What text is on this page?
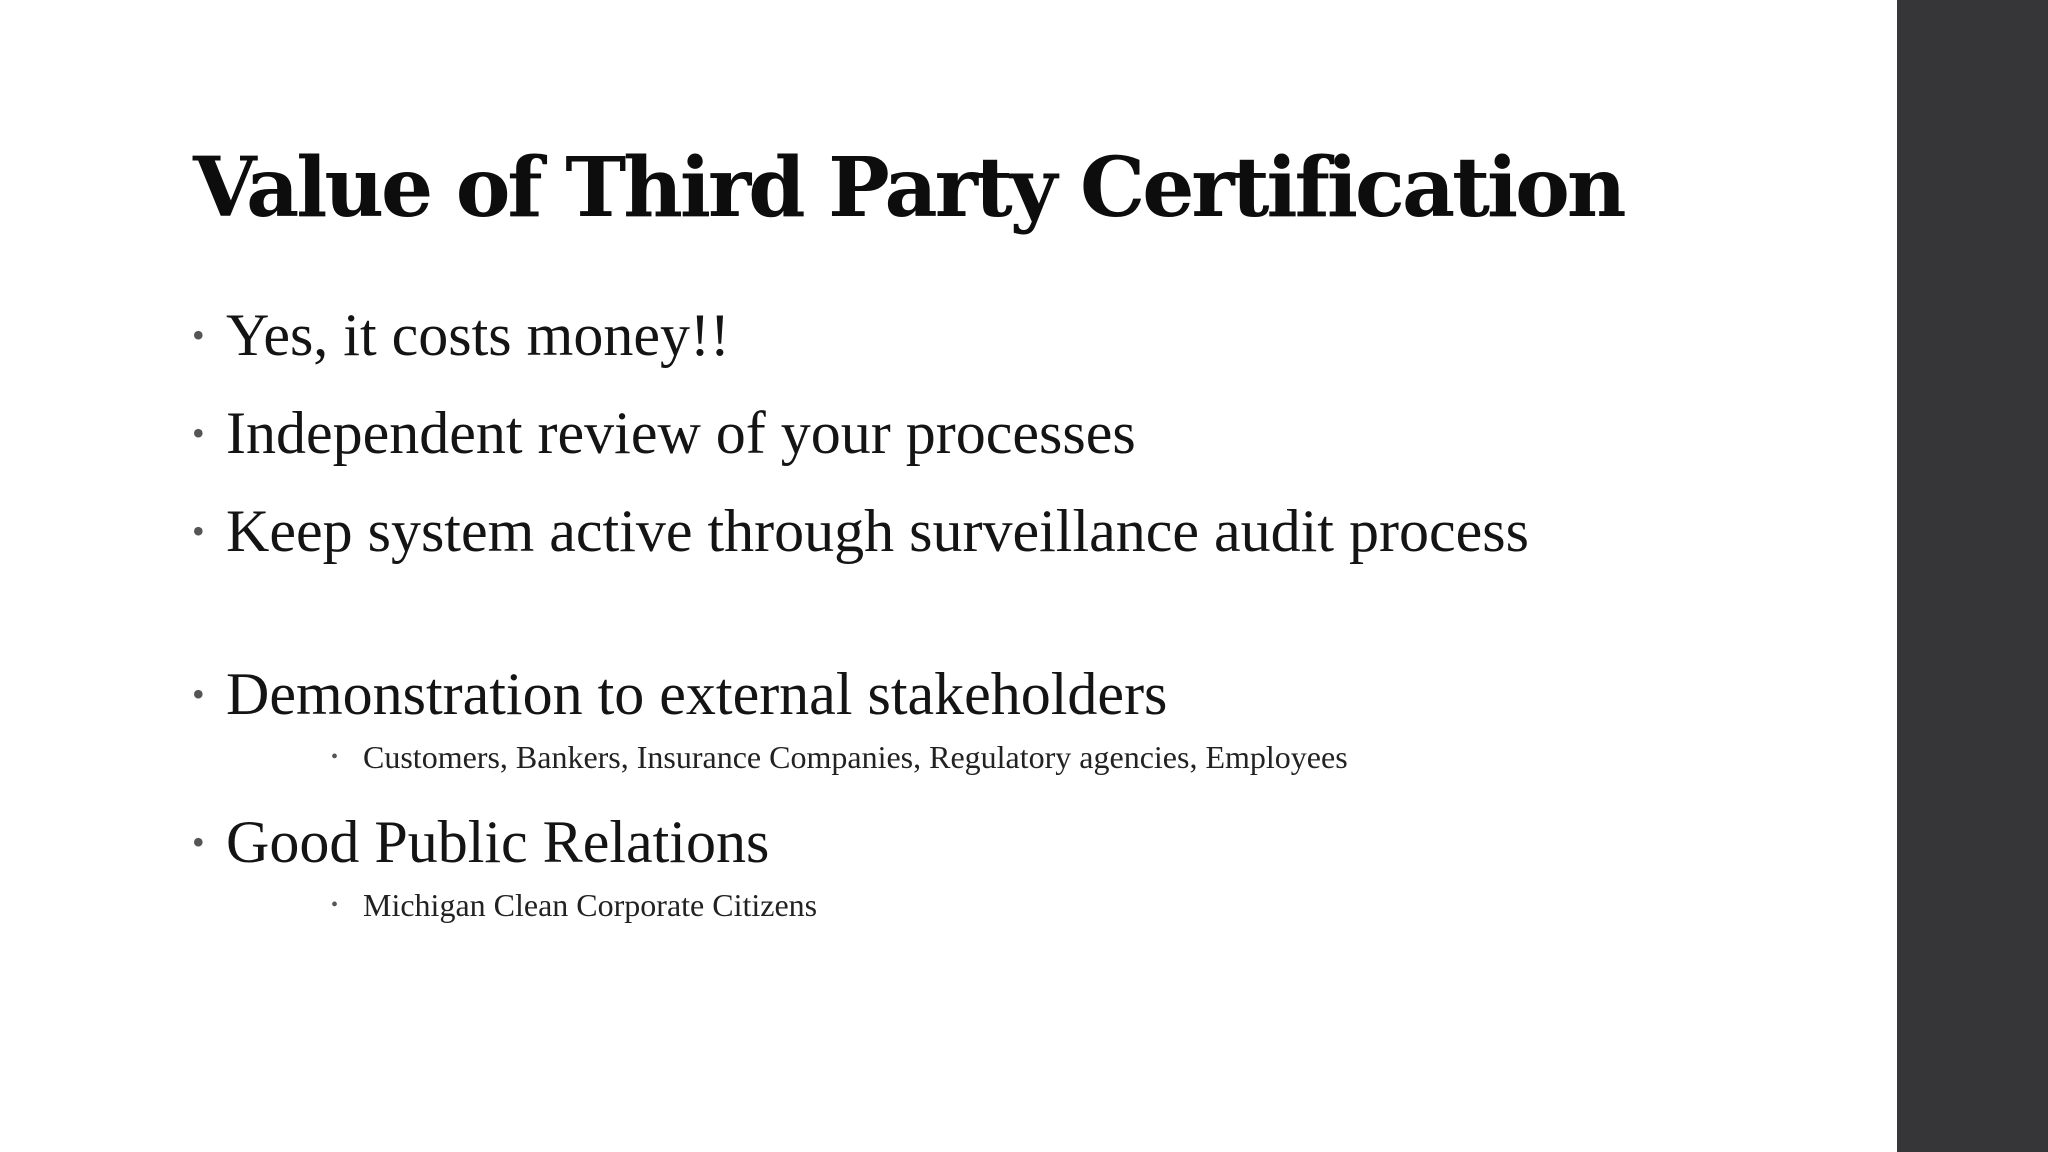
Value of Third Party Certification
• Yes, it costs money!!
• Independent review of your processes
• Keep system active through surveillance audit process
• Demonstration to external stakeholders
• Customers, Bankers, Insurance Companies, Regulatory agencies, Employees
• Good Public Relations
• Michigan Clean Corporate Citizens
